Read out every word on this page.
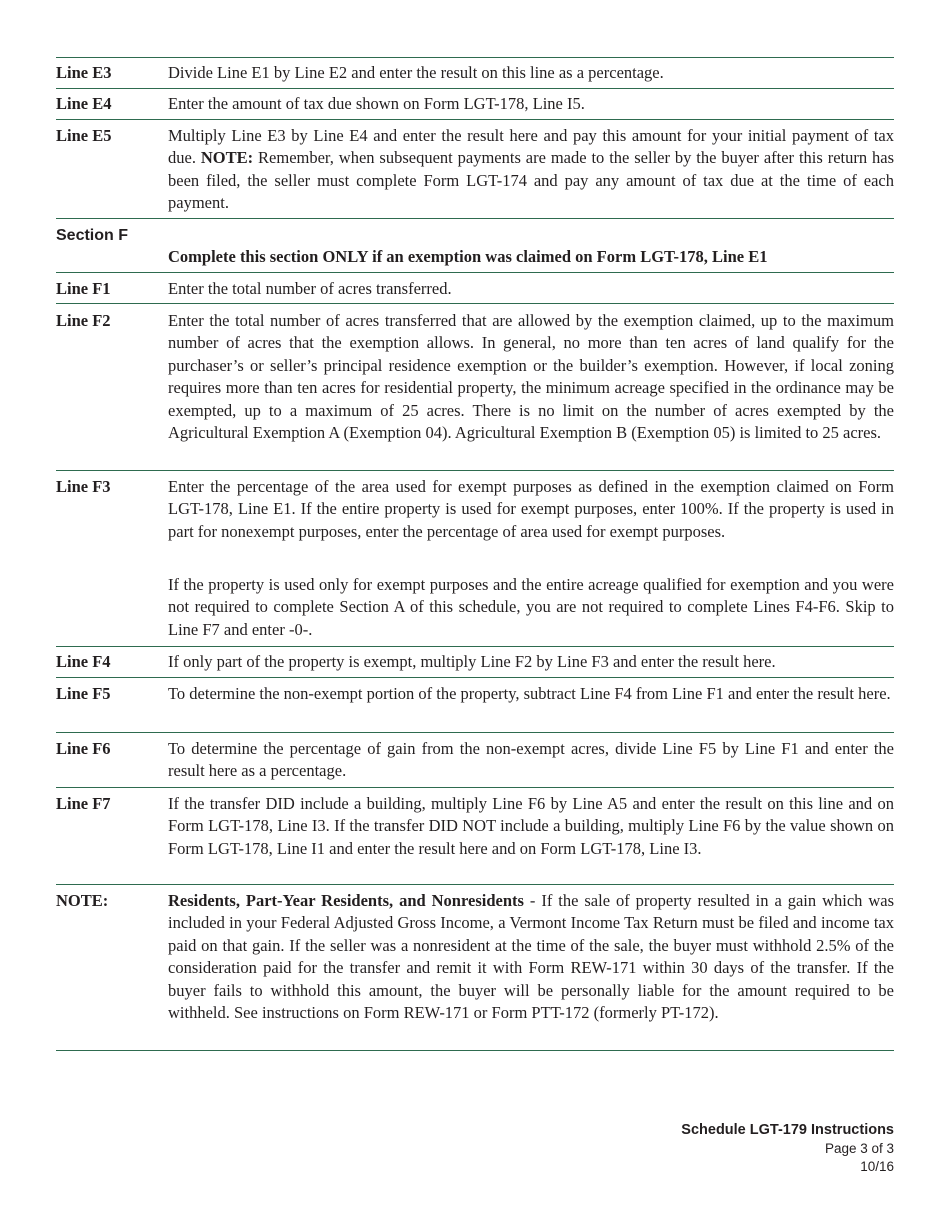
Line E3	Divide Line E1 by Line E2 and enter the result on this line as a percentage.
Line E4	Enter the amount of tax due shown on Form LGT-178, Line I5.
Line E5	Multiply Line E3 by Line E4 and enter the result here and pay this amount for your initial payment of tax due. NOTE: Remember, when subsequent payments are made to the seller by the buyer after this return has been filed, the seller must complete Form LGT-174 and pay any amount of tax due at the time of each payment.
Section F
Complete this section ONLY if an exemption was claimed on Form LGT-178, Line E1
Line F1	Enter the total number of acres transferred.
Line F2	Enter the total number of acres transferred that are allowed by the exemption claimed, up to the maximum number of acres that the exemption allows. In general, no more than ten acres of land qualify for the purchaser’s or seller’s principal residence exemption or the builder’s exemption. However, if local zoning requires more than ten acres for residential property, the minimum acreage specified in the ordinance may be exempted, up to a maximum of 25 acres. There is no limit on the number of acres exempted by the Agricultural Exemption A (Exemption 04). Agricultural Exemption B (Exemption 05) is limited to 25 acres.
Line F3	Enter the percentage of the area used for exempt purposes as defined in the exemption claimed on Form LGT-178, Line E1. If the entire property is used for exempt purposes, enter 100%. If the property is used in part for nonexempt purposes, enter the percentage of area used for exempt purposes.
If the property is used only for exempt purposes and the entire acreage qualified for exemption and you were not required to complete Section A of this schedule, you are not required to complete Lines F4-F6. Skip to Line F7 and enter -0-.
Line F4	If only part of the property is exempt, multiply Line F2 by Line F3 and enter the result here.
Line F5	To determine the non-exempt portion of the property, subtract Line F4 from Line F1 and enter the result here.
Line F6	To determine the percentage of gain from the non-exempt acres, divide Line F5 by Line F1 and enter the result here as a percentage.
Line F7	If the transfer DID include a building, multiply Line F6 by Line A5 and enter the result on this line and on Form LGT-178, Line I3. If the transfer DID NOT include a building, multiply Line F6 by the value shown on Form LGT-178, Line I1 and enter the result here and on Form LGT-178, Line I3.
NOTE:	Residents, Part-Year Residents, and Nonresidents - If the sale of property resulted in a gain which was included in your Federal Adjusted Gross Income, a Vermont Income Tax Return must be filed and income tax paid on that gain. If the seller was a nonresident at the time of the sale, the buyer must withhold 2.5% of the consideration paid for the transfer and remit it with Form REW-171 within 30 days of the transfer. If the buyer fails to withhold this amount, the buyer will be personally liable for the amount required to be withheld. See instructions on Form REW-171 or Form PTT-172 (formerly PT-172).
Schedule LGT-179 Instructions
Page 3 of 3
10/16
